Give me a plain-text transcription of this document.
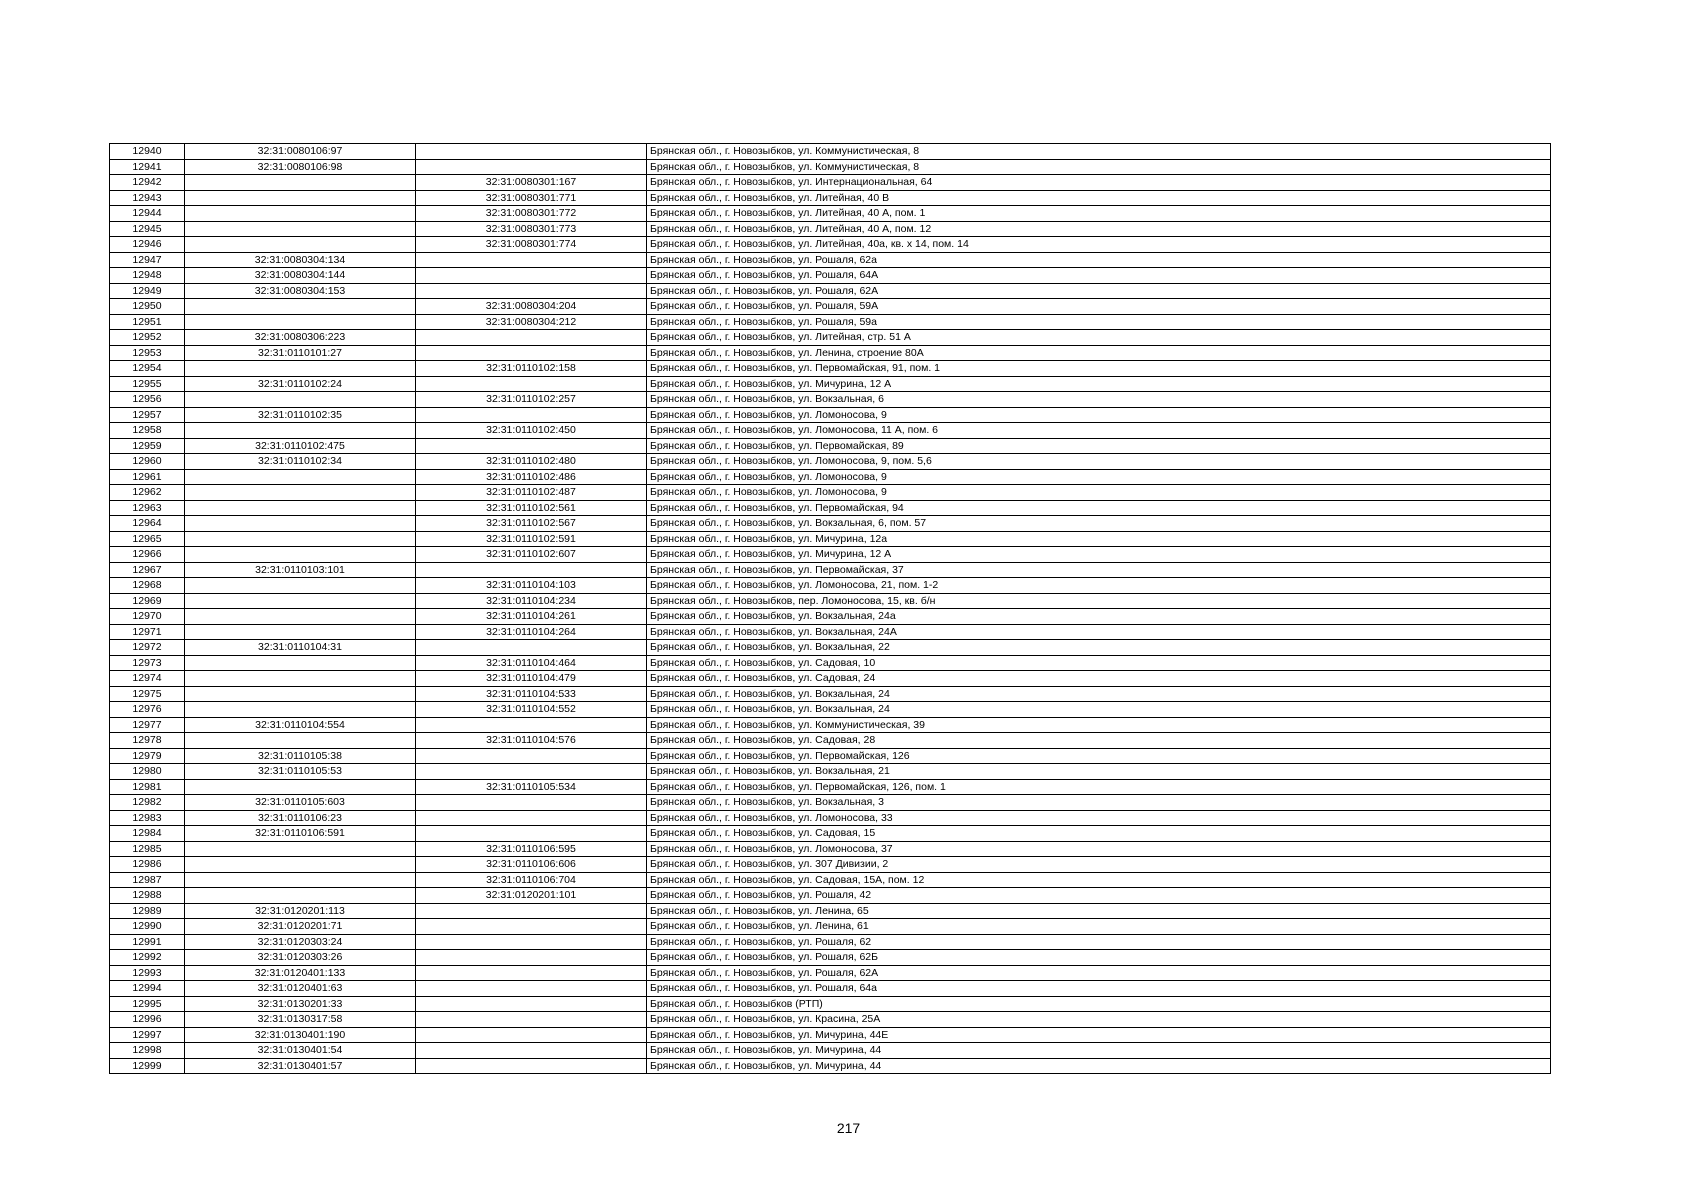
12940	32:31:0080106:97		Брянская обл., г. Новозыбков, ул. Коммунистическая, 8
12941	32:31:0080106:98		Брянская обл., г. Новозыбков, ул. Коммунистическая, 8
12942		32:31:0080301:167	Брянская обл., г. Новозыбков, ул. Интернациональная, 64
12943		32:31:0080301:771	Брянская обл., г. Новозыбков, ул. Литейная, 40 В
12944		32:31:0080301:772	Брянская обл., г. Новозыбков, ул. Литейная, 40 А, пом. 1
12945		32:31:0080301:773	Брянская обл., г. Новозыбков, ул. Литейная, 40 А, пом. 12
12946		32:31:0080301:774	Брянская обл., г. Новозыбков, ул. Литейная, 40а, кв. х 14, пом. 14
12947	32:31:0080304:134		Брянская обл., г. Новозыбков, ул. Рошаля, 62а
12948	32:31:0080304:144		Брянская обл., г. Новозыбков, ул. Рошаля, 64А
12949	32:31:0080304:153		Брянская обл., г. Новозыбков, ул. Рошаля, 62А
12950		32:31:0080304:204	Брянская обл., г. Новозыбков, ул. Рошаля, 59А
12951		32:31:0080304:212	Брянская обл., г. Новозыбков, ул. Рошаля, 59а
12952	32:31:0080306:223		Брянская обл., г. Новозыбков, ул. Литейная, стр. 51 А
12953	32:31:0110101:27		Брянская обл., г. Новозыбков, ул. Ленина, строение 80А
12954		32:31:0110102:158	Брянская обл., г. Новозыбков, ул. Первомайская, 91, пом. 1
12955	32:31:0110102:24		Брянская обл., г. Новозыбков, ул. Мичурина, 12 А
12956		32:31:0110102:257	Брянская обл., г. Новозыбков, ул. Вокзальная, 6
12957	32:31:0110102:35		Брянская обл., г. Новозыбков, ул. Ломоносова, 9
12958		32:31:0110102:450	Брянская обл., г. Новозыбков, ул. Ломоносова, 11 А, пом. 6
12959	32:31:0110102:475		Брянская обл., г. Новозыбков, ул. Первомайская, 89
12960	32:31:0110102:34	32:31:0110102:480	Брянская обл., г. Новозыбков, ул. Ломоносова, 9, пом. 5,6
12961		32:31:0110102:486	Брянская обл., г. Новозыбков, ул. Ломоносова, 9
12962		32:31:0110102:487	Брянская обл., г. Новозыбков, ул. Ломоносова, 9
12963		32:31:0110102:561	Брянская обл., г. Новозыбков, ул. Первомайская, 94
12964		32:31:0110102:567	Брянская обл., г. Новозыбков, ул. Вокзальная, 6, пом. 57
12965		32:31:0110102:591	Брянская обл., г. Новозыбков, ул. Мичурина, 12а
12966		32:31:0110102:607	Брянская обл., г. Новозыбков, ул. Мичурина, 12 А
12967	32:31:0110103:101		Брянская обл., г. Новозыбков, ул. Первомайская, 37
12968		32:31:0110104:103	Брянская обл., г. Новозыбков, ул. Ломоносова, 21, пом. 1-2
12969		32:31:0110104:234	Брянская обл., г. Новозыбков, пер. Ломоносова, 15, кв. б/н
12970		32:31:0110104:261	Брянская обл., г. Новозыбков, ул. Вокзальная, 24а
12971		32:31:0110104:264	Брянская обл., г. Новозыбков, ул. Вокзальная, 24А
12972	32:31:0110104:31		Брянская обл., г. Новозыбков, ул. Вокзальная, 22
12973		32:31:0110104:464	Брянская обл., г. Новозыбков, ул. Садовая, 10
12974		32:31:0110104:479	Брянская обл., г. Новозыбков, ул. Садовая, 24
12975		32:31:0110104:533	Брянская обл., г. Новозыбков, ул. Вокзальная, 24
12976		32:31:0110104:552	Брянская обл., г. Новозыбков, ул. Вокзальная, 24
12977	32:31:0110104:554		Брянская обл., г. Новозыбков, ул. Коммунистическая, 39
12978		32:31:0110104:576	Брянская обл., г. Новозыбков, ул. Садовая, 28
12979	32:31:0110105:38		Брянская обл., г. Новозыбков, ул. Первомайская, 126
12980	32:31:0110105:53		Брянская обл., г. Новозыбков, ул. Вокзальная, 21
12981		32:31:0110105:534	Брянская обл., г. Новозыбков, ул. Первомайская, 126, пом. 1
12982	32:31:0110105:603		Брянская обл., г. Новозыбков, ул. Вокзальная, 3
12983	32:31:0110106:23		Брянская обл., г. Новозыбков, ул. Ломоносова, 33
12984	32:31:0110106:591		Брянская обл., г. Новозыбков, ул. Садовая, 15
12985		32:31:0110106:595	Брянская обл., г. Новозыбков, ул. Ломоносова, 37
12986		32:31:0110106:606	Брянская обл., г. Новозыбков, ул. 307 Дивизии, 2
12987		32:31:0110106:704	Брянская обл., г. Новозыбков, ул. Садовая, 15А, пом. 12
12988		32:31:0120201:101	Брянская обл., г. Новозыбков, ул. Рошаля, 42
12989	32:31:0120201:113		Брянская обл., г. Новозыбков, ул. Ленина, 65
12990	32:31:0120201:71		Брянская обл., г. Новозыбков, ул. Ленина, 61
12991	32:31:0120303:24		Брянская обл., г. Новозыбков, ул. Рошаля, 62
12992	32:31:0120303:26		Брянская обл., г. Новозыбков, ул. Рошаля, 62Б
12993	32:31:0120401:133		Брянская обл., г. Новозыбков, ул. Рошаля, 62А
12994	32:31:0120401:63		Брянская обл., г. Новозыбков, ул. Рошаля, 64а
12995	32:31:0130201:33		Брянская обл., г. Новозыбков (РТП)
12996	32:31:0130317:58		Брянская обл., г. Новозыбков, ул. Красина, 25А
12997	32:31:0130401:190		Брянская обл., г. Новозыбков, ул. Мичурина, 44Е
12998	32:31:0130401:54		Брянская обл., г. Новозыбков, ул. Мичурина, 44
12999	32:31:0130401:57		Брянская обл., г. Новозыбков, ул. Мичурина, 44
217
